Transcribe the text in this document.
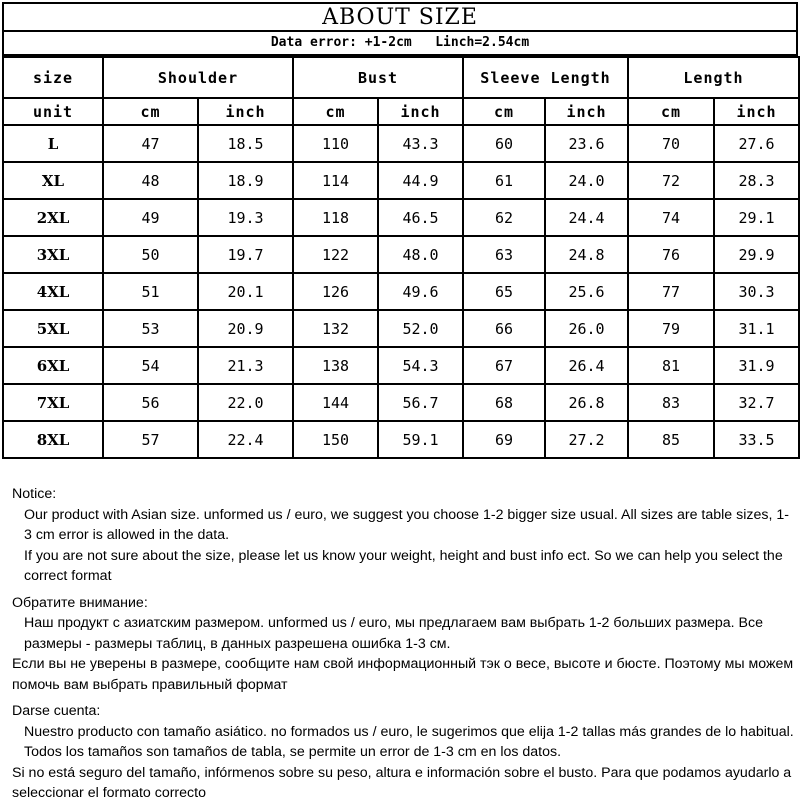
ABOUT SIZE
Data error: +1-2cm   Linch=2.54cm
size	Shoulder		Bust		Sleeve Length		Length	
unit	cm	inch	cm	inch	cm	inch	cm	inch
L	47	18.5	110	43.3	60	23.6	70	27.6
XL	48	18.9	114	44.9	61	24.0	72	28.3
2XL	49	19.3	118	46.5	62	24.4	74	29.1
3XL	50	19.7	122	48.0	63	24.8	76	29.9
4XL	51	20.1	126	49.6	65	25.6	77	30.3
5XL	53	20.9	132	52.0	66	26.0	79	31.1
6XL	54	21.3	138	54.3	67	26.4	81	31.9
7XL	56	22.0	144	56.7	68	26.8	83	32.7
8XL	57	22.4	150	59.1	69	27.2	85	33.5

Notice:

Our product with Asian size. unformed us / euro, we suggest you choose 1-2 bigger size usual. All sizes are table sizes, 1-3 cm error is allowed in the data.

If you are not sure about the size, please let us know your weight, height and bust info ect. So we can help you select the correct format

Обратите внимание:

Наш продукт с азиатским размером. unformed us / euro, мы предлагаем вам выбрать 1-2 больших размера. Все размеры - размеры таблиц, в данных разрешена ошибка 1-3 см.

Если вы не уверены в размере, сообщите нам свой информационный тэк о весе, высоте и бюсте. Поэтому мы можем помочь вам выбрать правильный формат

Darse cuenta:

Nuestro producto con tamaño asiático. no formados us / euro, le sugerimos que elija 1-2 tallas más grandes de lo habitual. Todos los tamaños son tamaños de tabla, se permite un error de 1-3 cm en los datos.

Si no está seguro del tamaño, infórmenos sobre su peso, altura e información sobre el busto. Para que podamos ayudarlo a seleccionar el formato correcto
